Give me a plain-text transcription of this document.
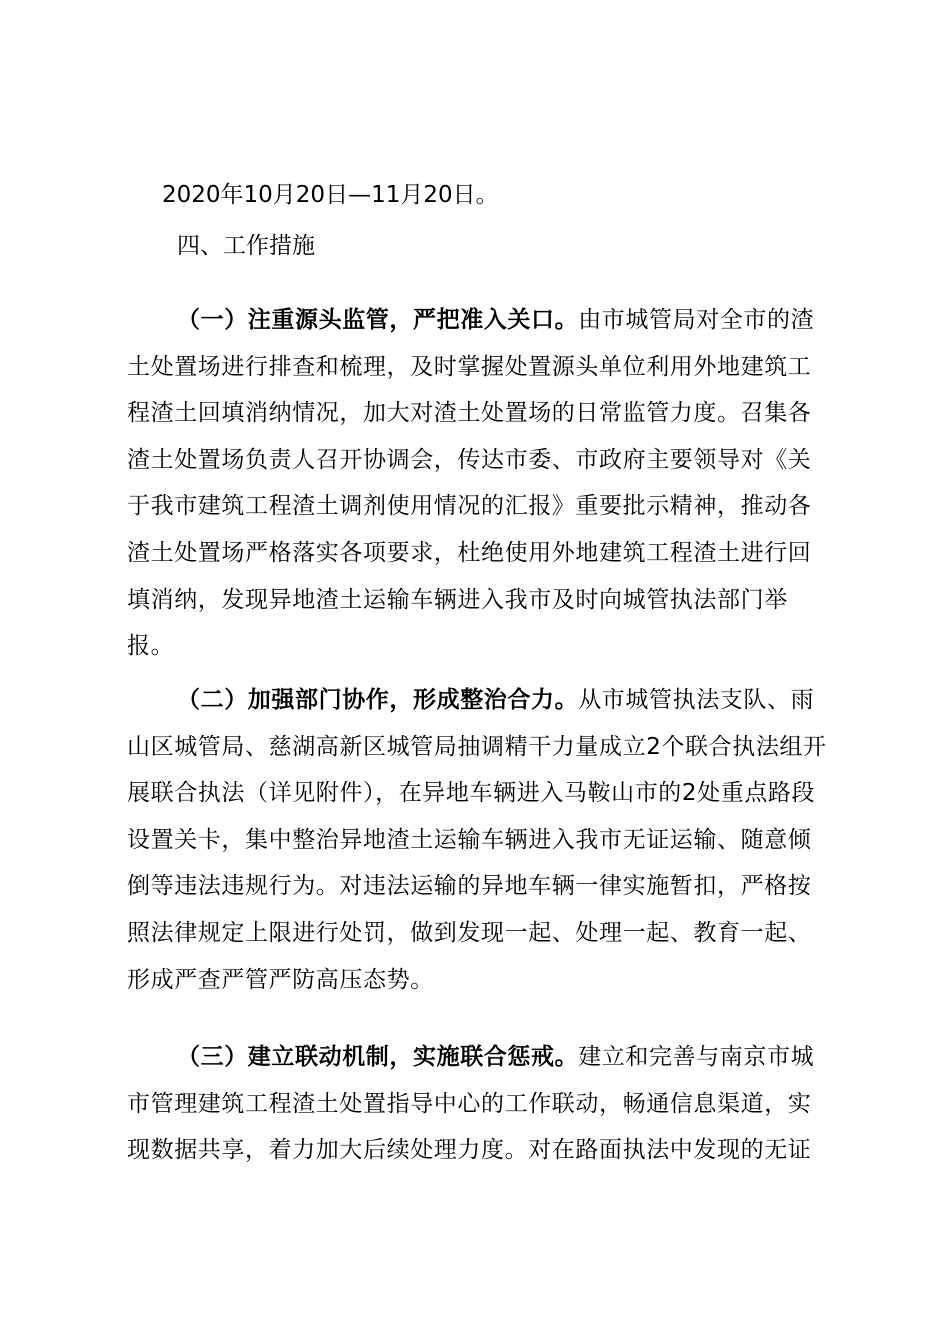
2020年10月20日—11月20日。
四、工作措施
（一）注重源头监管，严把准入关口。由市城管局对全市的渣土处置场进行排查和梳理，及时掌握处置源头单位利用外地建筑工程渣土回填消纳情况，加大对渣土处置场的日常监管力度。召集各渣土处置场负责人召开协调会，传达市委、市政府主要领导对《关于我市建筑工程渣土调剂使用情况的汇报》重要批示精神，推动各渣土处置场严格落实各项要求，杜绝使用外地建筑工程渣土进行回填消纳，发现异地渣土运输车辆进入我市及时向城管执法部门举报。
（二）加强部门协作，形成整治合力。从市城管执法支队、雨山区城管局、慈湖高新区城管局抽调精干力量成立2个联合执法组开展联合执法（详见附件），在异地车辆进入马鞍山市的2处重点路段设置关卡，集中整治异地渣土运输车辆进入我市无证运输、随意倾倒等违法违规行为。对违法运输的异地车辆一律实施暂扣，严格按照法律规定上限进行处罚，做到发现一起、处理一起、教育一起、形成严查严管严防高压态势。
（三）建立联动机制，实施联合惩戒。建立和完善与南京市城市管理建筑工程渣土处置指导中心的工作联动，畅通信息渠道，实现数据共享，着力加大后续处理力度。对在路面执法中发现的无证
